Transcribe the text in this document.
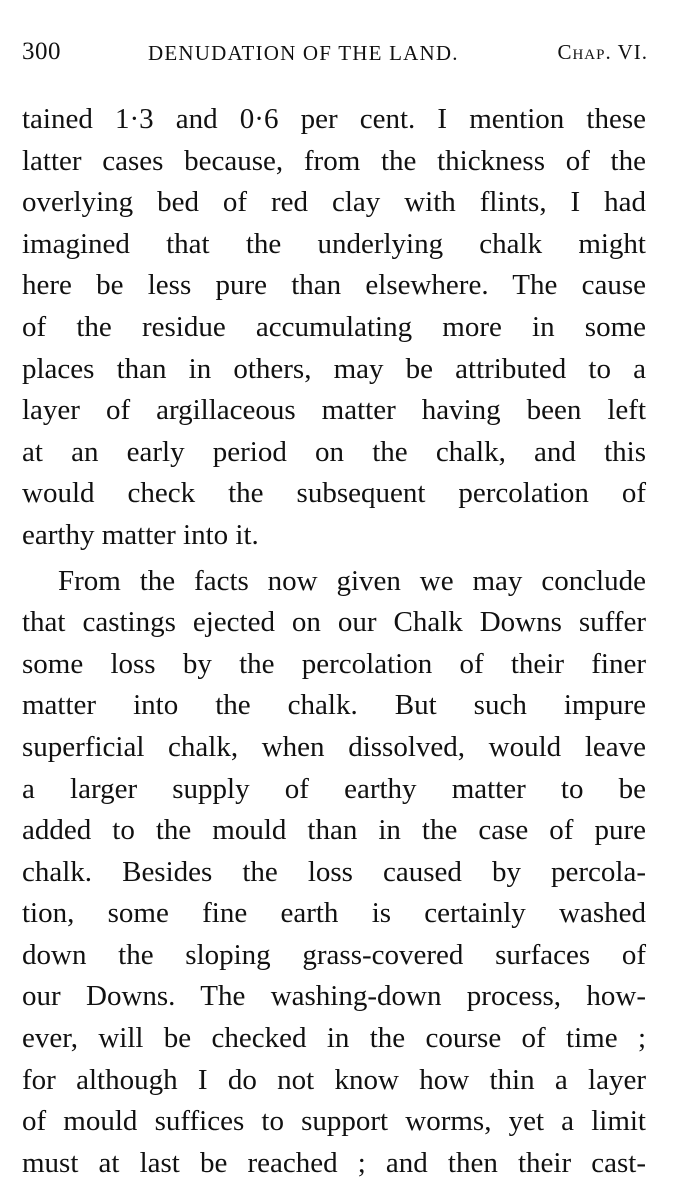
300	DENUDATION OF THE LAND.	Chap. VI.
tained 1·3 and 0·6 per cent. I mention these
latter cases because, from the thickness of the
overlying bed of red clay with flints, I had
imagined that the underlying chalk might
here be less pure than elsewhere. The cause
of the residue accumulating more in some
places than in others, may be attributed to a
layer of argillaceous matter having been left
at an early period on the chalk, and this
would check the subsequent percolation of
earthy matter into it.
From the facts now given we may conclude
that castings ejected on our Chalk Downs suffer
some loss by the percolation of their finer
matter into the chalk. But such impure
superficial chalk, when dissolved, would leave
a larger supply of earthy matter to be
added to the mould than in the case of pure
chalk. Besides the loss caused by percola-
tion, some fine earth is certainly washed
down the sloping grass-covered surfaces of
our Downs. The washing-down process, how-
ever, will be checked in the course of time ;
for although I do not know how thin a layer
of mould suffices to support worms, yet a limit
must at last be reached ; and then their cast-
